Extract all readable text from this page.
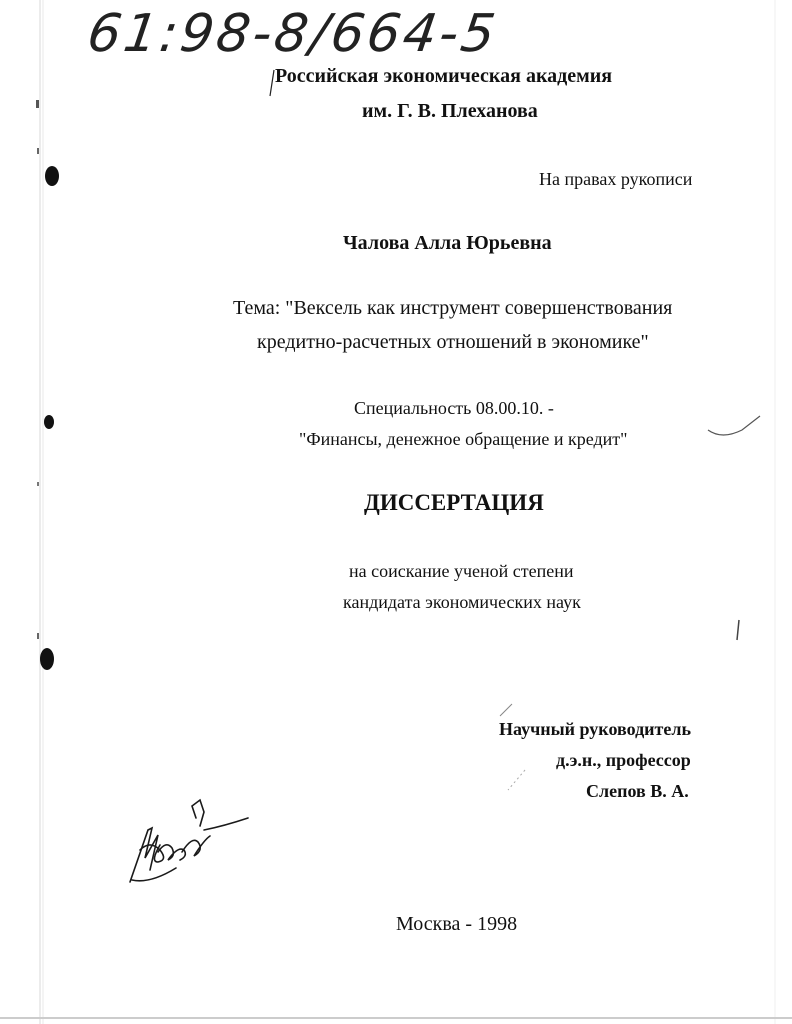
61:98-8/664-5
Российская экономическая академия
им. Г. В. Плеханова
На правах рукописи
Чалова Алла Юрьевна
Тема: "Вексель как инструмент совершенствования
кредитно-расчетных отношений в экономике"
Специальность 08.00.10. -
"Финансы, денежное обращение и кредит"
ДИССЕРТАЦИЯ
на соискание ученой степени
кандидата экономических наук
Научный руководитель
д.э.н., профессор
Слепов В. А.
Москва - 1998
